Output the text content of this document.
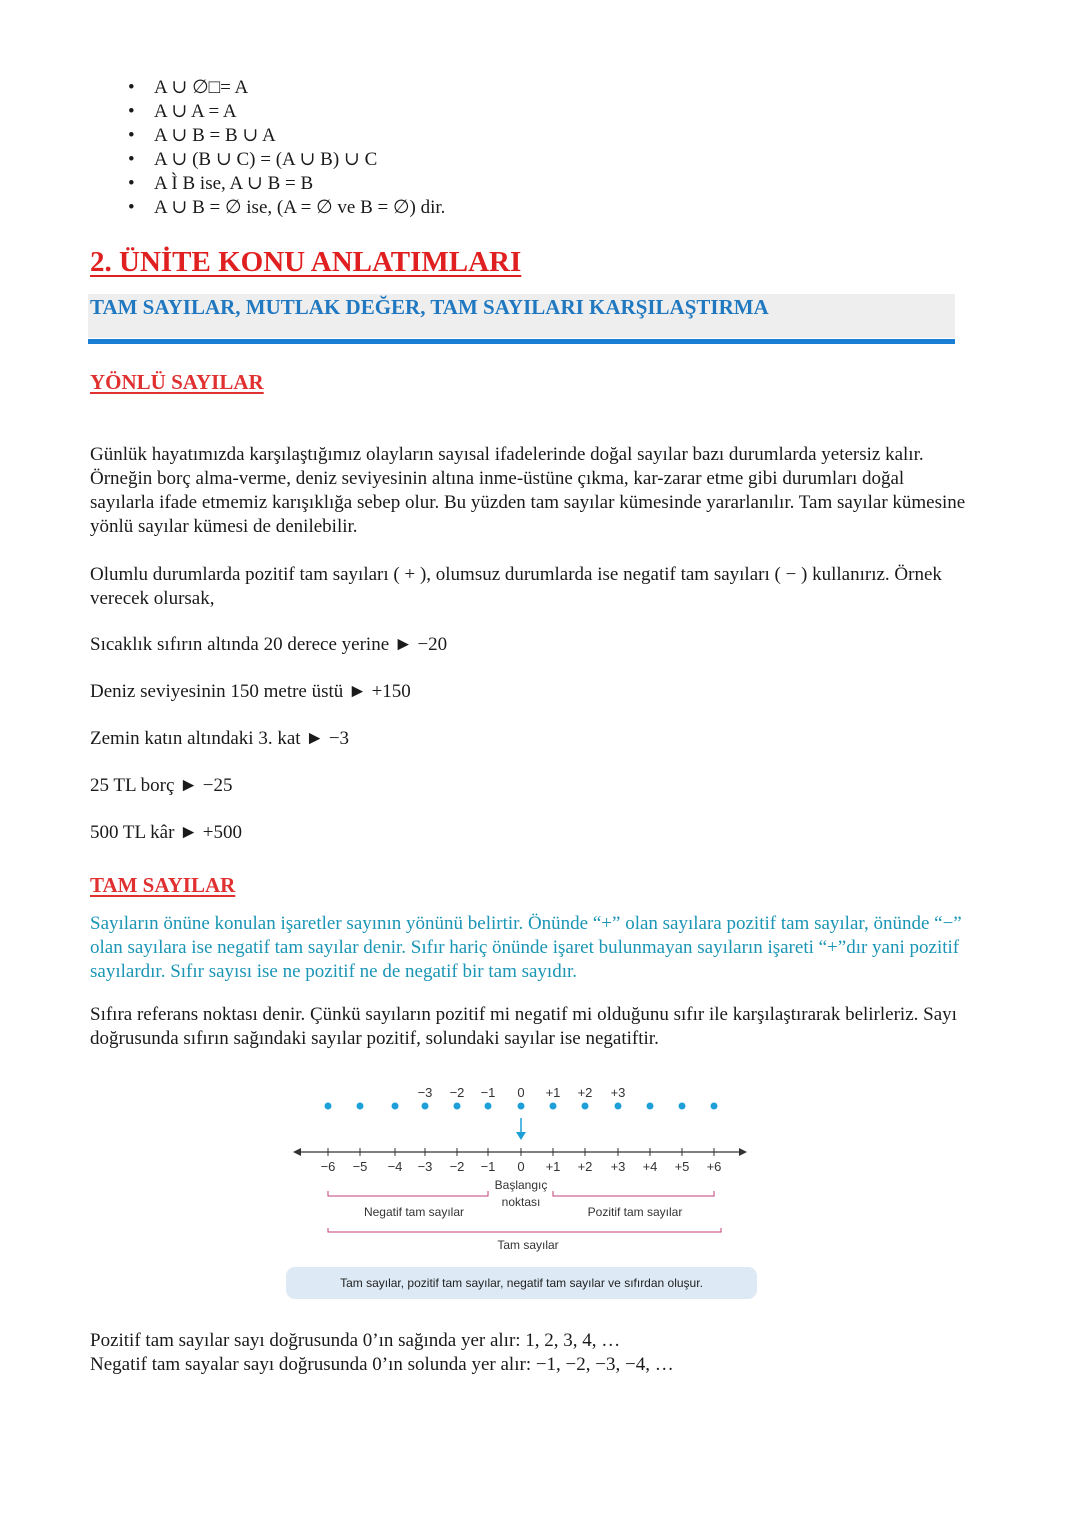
• A ∪ ∅□= A
• A ∪ A = A
• A ∪ B = B ∪ A
• A ∪ (B ∪ C) = (A ∪ B) ∪ C
• A Ì B ise, A ∪ B = B
• A ∪ B = ∅ ise, (A = ∅ ve B = ∅) dir.
2. ÜNİTE KONU ANLATIMLARI
TAM SAYILAR, MUTLAK DEĞER, TAM SAYILARI KARŞILAŞTIRMA
YÖNLÜ SAYILAR

Günlük hayatımızda karşılaştığımız olayların sayısal ifadelerinde doğal sayılar bazı durumlarda yetersiz kalır. Örneğin borç alma-verme, deniz seviyesinin altına inme-üstüne çıkma, kar-zarar etme gibi durumları doğal sayılarla ifade etmemiz karışıklığa sebep olur. Bu yüzden tam sayılar kümesinde yararlanılır. Tam sayılar kümesine yönlü sayılar kümesi de denilebilir.

Olumlu durumlarda pozitif tam sayıları ( + ), olumsuz durumlarda ise negatif tam sayıları ( − ) kullanırız. Örnek verecek olursak,

Sıcaklık sıfırın altında 20 derece yerine ► −20

Deniz seviyesinin 150 metre üstü ► +150

Zemin katın altındaki 3. kat ► −3

25 TL borç ► −25

500 TL kâr ► +500

TAM SAYILAR

Sayıların önüne konulan işaretler sayının yönünü belirtir. Önünde “+” olan sayılara pozitif tam sayılar, önünde “−” olan sayılara ise negatif tam sayılar denir. Sıfır hariç önünde işaret bulunmayan sayıların işareti “+”dır yani pozitif sayılardır. Sıfır sayısı ise ne pozitif ne de negatif bir tam sayıdır.

Sıfıra referans noktası denir. Çünkü sayıların pozitif mi negatif mi olduğunu sıfır ile karşılaştırarak belirleriz. Sayı doğrusunda sıfırın sağındaki sayılar pozitif, solundaki sayılar ise negatiftir.

−3 −2 −1 0 +1 +2 +3
−6 −5 −4 −3 −2 −1 0 +1 +2 +3 +4 +5 +6
Başlangıç
noktası
Negatif tam sayılar	Pozitif tam sayılar
Tam sayılar

Tam sayılar, pozitif tam sayılar, negatif tam sayılar ve sıfırdan oluşur.

Pozitif tam sayılar sayı doğrusunda 0’ın sağında yer alır: 1, 2, 3, 4, …

Negatif tam sayalar sayı doğrusunda 0’ın solunda yer alır: −1, −2, −3, −4, …
